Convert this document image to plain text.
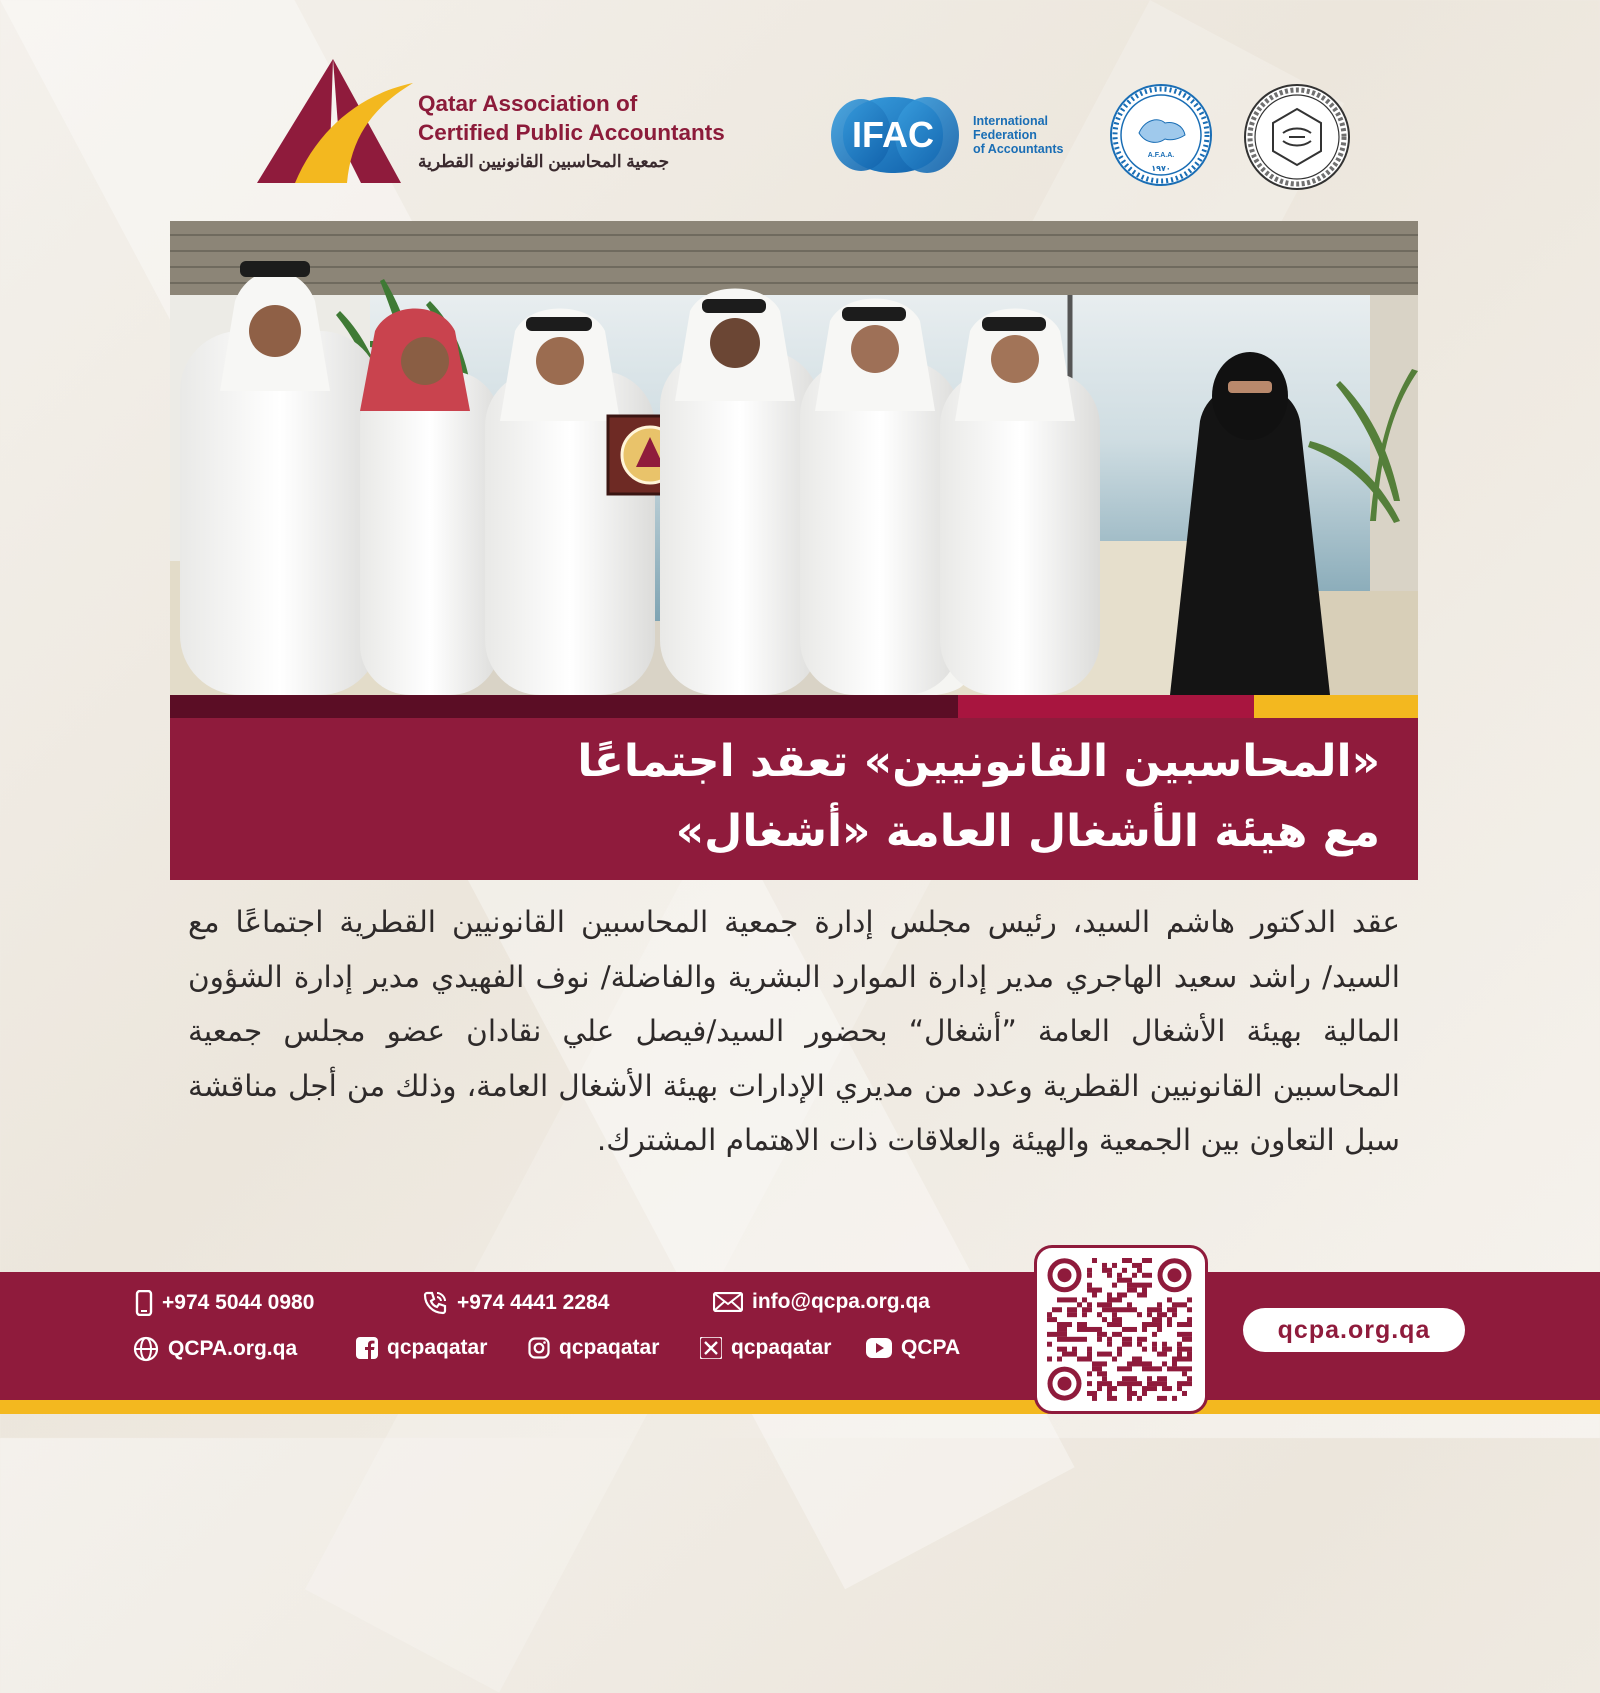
Qatar Association of
Certified Public Accountants
جمعية المحاسبين القانونيين القطرية
IFAC	International
Federation
of Accountants	A.F.A.A.
١٩٧٠
«المحاسبين القانونيين» تعقد اجتماعًا
مع هيئة الأشغال العامة «أشغال»
عقد الدكتور هاشم السيد، رئيس مجلس إدارة جمعية المحاسبين القانونيين القطرية اجتماعًا مع السيد/ راشد سعيد الهاجري مدير إدارة الموارد البشرية والفاضلة/ نوف الفهيدي مدير إدارة الشؤون المالية بهيئة الأشغال العامة ”أشغال“ بحضور السيد/فيصل علي نقادان عضو مجلس جمعية المحاسبين القانونيين القطرية وعدد من مديري الإدارات بهيئة الأشغال العامة، وذلك من أجل مناقشة سبل التعاون بين الجمعية والهيئة والعلاقات ذات الاهتمام المشترك.
+974 5044 0980	+974 4441 2284	info@qcpa.org.qa
QCPA.org.qa	qcpaqatar	qcpaqatar	qcpaqatar	QCPA
qcpa.org.qa
